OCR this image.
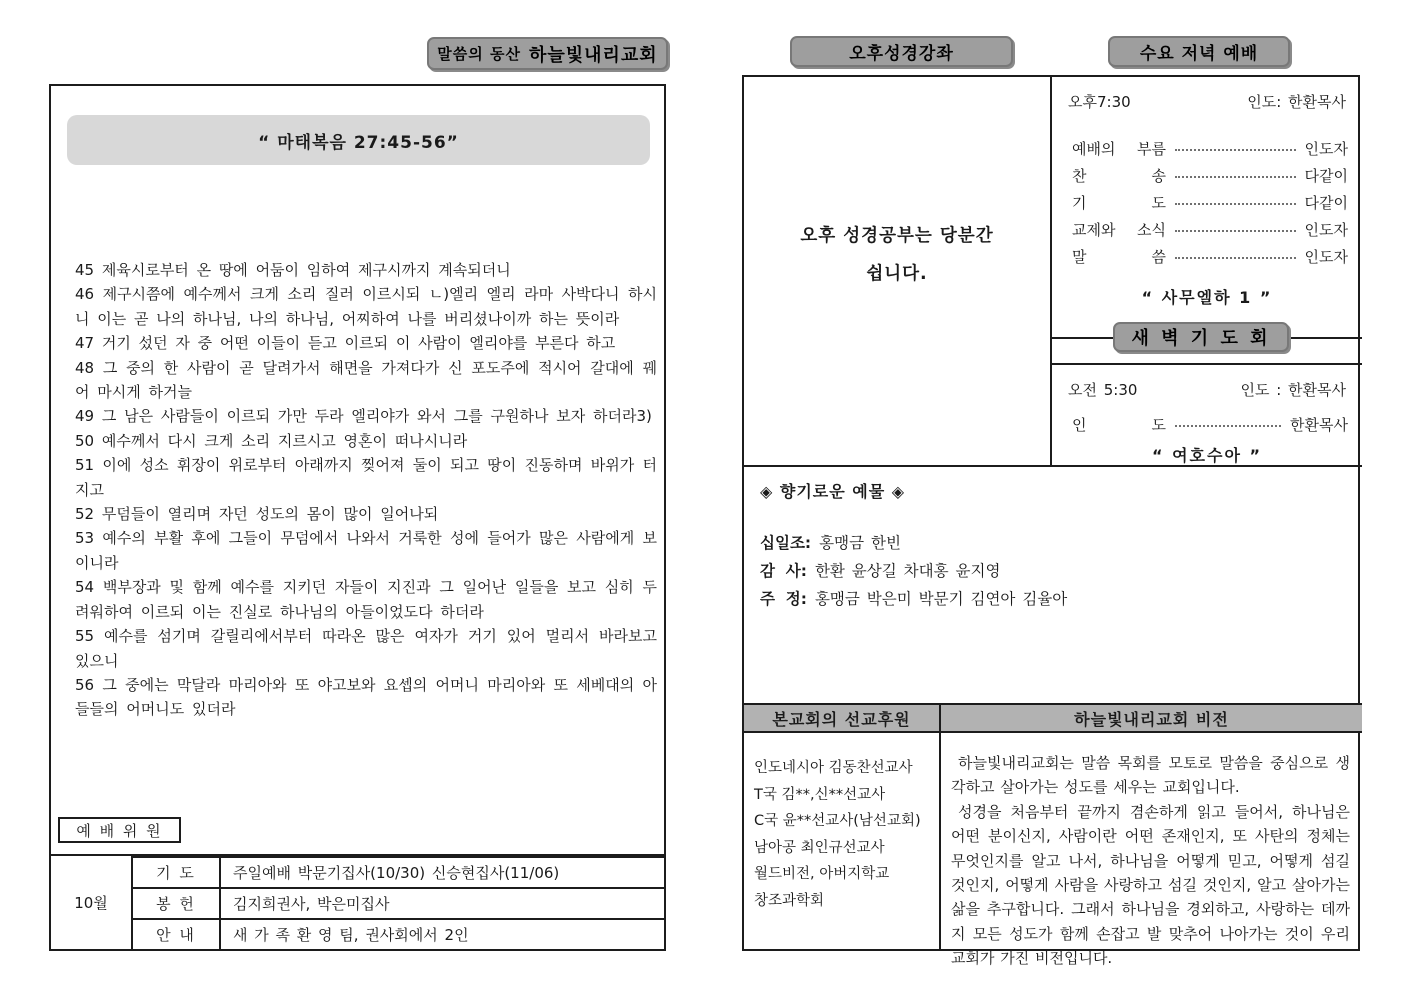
말씀의 동산 하늘빛내리교회
“ 마태복음 27:45-56”

45 제육시로부터 온 땅에 어둠이 임하여 제구시까지 계속되더니

46 제구시쯤에 예수께서 크게 소리 질러 이르시되 ㄴ)엘리 엘리 라마 사박다니 하시니 이는 곧 나의 하나님, 나의 하나님, 어찌하여 나를 버리셨나이까 하는 뜻이라

47 거기 섰던 자 중 어떤 이들이 듣고 이르되 이 사람이 엘리야를 부른다 하고

48 그 중의 한 사람이 곧 달려가서 해면을 가져다가 신 포도주에 적시어 갈대에 꿰어 마시게 하거늘

49 그 남은 사람들이 이르되 가만 두라 엘리야가 와서 그를 구원하나 보자 하더라3)

50 예수께서 다시 크게 소리 지르시고 영혼이 떠나시니라

51 이에 성소 휘장이 위로부터 아래까지 찢어져 둘이 되고 땅이 진동하며 바위가 터지고

52 무덤들이 열리며 자던 성도의 몸이 많이 일어나되

53 예수의 부활 후에 그들이 무덤에서 나와서 거룩한 성에 들어가 많은 사람에게 보이니라

54 백부장과 및 함께 예수를 지키던 자들이 지진과 그 일어난 일들을 보고 심히 두려워하여 이르되 이는 진실로 하나님의 아들이었도다 하더라

55 예수를 섬기며 갈릴리에서부터 따라온 많은 여자가 거기 있어 멀리서 바라보고 있으니

56 그 중에는 막달라 마리아와 또 야고보와 요셉의 어머니 마리아와 또 세베대의 아들들의 어머니도 있더라

예 배 위 원
10월
기 도	주일예배 박문기집사(10/30) 신승현집사(11/06)
봉 헌	김지희권사, 박은미집사
안 내	새 가 족 환 영 팀, 권사회에서 2인
오후성경강좌	수요 저녁 예배
오후 성경공부는 당분간
쉽니다.
오후7:30	인도: 한환목사
예배의 부름	인도자
찬	송	다같이
기	도	다같이
교제와 소식	인도자
말	씀	인도자
“ 사무엘하 1 ”
새 벽 기 도 회
오전 5:30	인도 : 한환목사
인	도	한환목사
“ 여호수아 ”
◈ 향기로운 예물 ◈
십일조: 홍맹금 한빈
감  사: 한환 윤상길 차대홍 윤지영
주  정: 홍맹금 박은미 박문기 김연아 김율아
본교회의 선교후원	하늘빛내리교회 비전
인도네시아 김동찬선교사
T국 김**,신**선교사
C국 윤**선교사(남선교회)
남아공 최인규선교사
월드비전, 아버지학교
창조과학회

하늘빛내리교회는 말씀 목회를 모토로 말씀을 중심으로 생각하고 살아가는 성도를 세우는 교회입니다.

성경을 처음부터 끝까지 겸손하게 읽고 들어서, 하나님은 어떤 분이신지, 사람이란 어떤 존재인지, 또 사탄의 정체는 무엇인지를 알고 나서, 하나님을 어떻게 믿고, 어떻게 섬길 것인지, 어떻게 사람을 사랑하고 섬길 것인지, 알고 살아가는 삶을 추구합니다. 그래서 하나님을 경외하고, 사랑하는 데까지 모든 성도가 함께 손잡고 발 맞추어 나아가는 것이 우리 교회가 가진 비전입니다.
